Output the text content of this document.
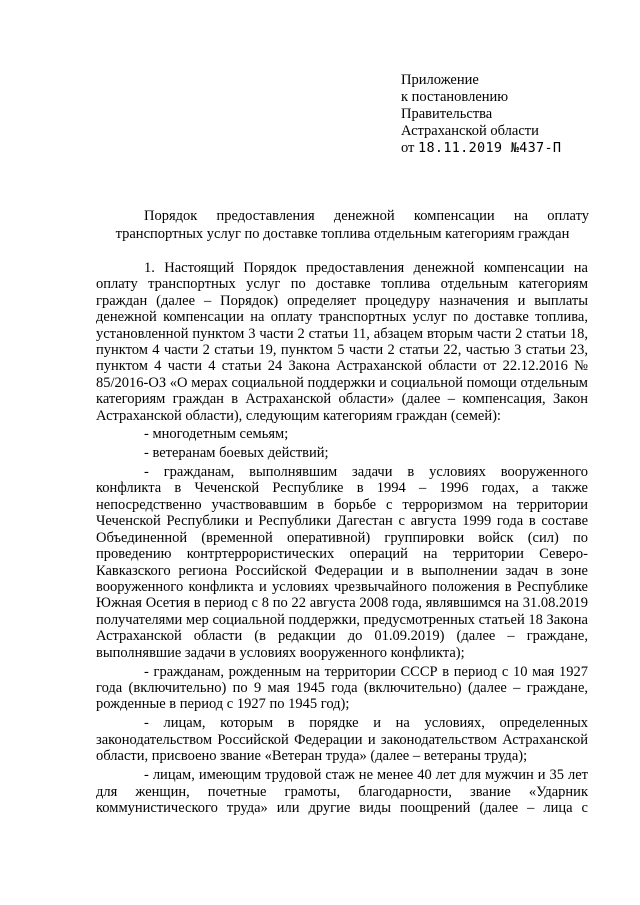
Приложение
к постановлению
Правительства
Астраханской области
от 18.11.2019 №437-П
Порядок предоставления денежной компенсации на оплату
транспортных услуг по доставке топлива отдельным категориям граждан
1. Настоящий Порядок предоставления денежной компенсации на оплату транспортных услуг по доставке топлива отдельным категориям граждан (далее – Порядок) определяет процедуру назначения и выплаты денежной компенсации на оплату транспортных услуг по доставке топлива, установленной пунктом 3 части 2 статьи 11, абзацем вторым части 2 статьи 18, пунктом 4 части 2 статьи 19, пунктом 5 части 2 статьи 22, частью 3 статьи 23, пунктом 4 части 4 статьи 24 Закона Астраханской области от 22.12.2016 № 85/2016-ОЗ «О мерах социальной поддержки и социальной помощи отдельным категориям граждан в Астраханской области» (далее – компенсация, Закон Астраханской области), следующим категориям граждан (семей):
- многодетным семьям;
- ветеранам боевых действий;
- гражданам, выполнявшим задачи в условиях вооруженного конфликта в Чеченской Республике в 1994 – 1996 годах, а также непосредственно участвовавшим в борьбе с терроризмом на территории Чеченской Республики и Республики Дагестан с августа 1999 года в составе Объединенной (временной оперативной) группировки войск (сил) по проведению контртеррористических операций на территории Северо-Кавказского региона Российской Федерации и в выполнении задач в зоне вооруженного конфликта и условиях чрезвычайного положения в Республике Южная Осетия в период с 8 по 22 августа 2008 года, являвшимся на 31.08.2019 получателями мер социальной поддержки, предусмотренных статьей 18 Закона Астраханской области (в редакции до 01.09.2019) (далее – граждане, выполнявшие задачи в условиях вооруженного конфликта);
- гражданам, рожденным на территории СССР в период с 10 мая 1927 года (включительно) по 9 мая 1945 года (включительно) (далее – граждане, рожденные в период с 1927 по 1945 год);
- лицам, которым в порядке и на условиях, определенных законодательством Российской Федерации и законодательством Астраханской области, присвоено звание «Ветеран труда» (далее – ветераны труда);
- лицам, имеющим трудовой стаж не менее 40 лет для мужчин и 35 лет для женщин, почетные грамоты, благодарности, звание «Ударник коммунистического труда» или другие виды поощрений (далее – лица с
